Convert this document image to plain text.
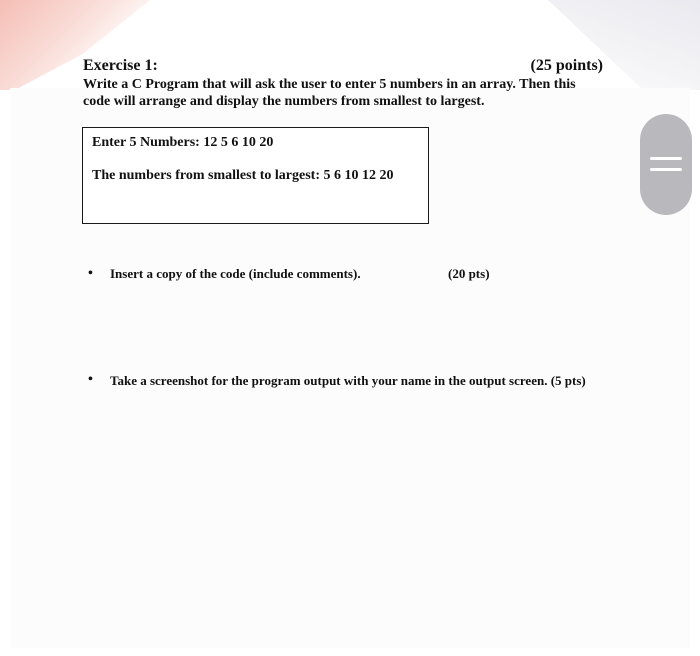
Exercise 1:	(25 points)
Write a C Program that will ask the user to enter 5 numbers in an array. Then this code will arrange and display the numbers from smallest to largest.
Enter 5 Numbers: 12 5 6 10 20
The numbers from smallest to largest: 5 6 10 12 20
• Insert a copy of the code (include comments).	(20 pts)
• Take a screenshot for the program output with your name in the output screen. (5 pts)
